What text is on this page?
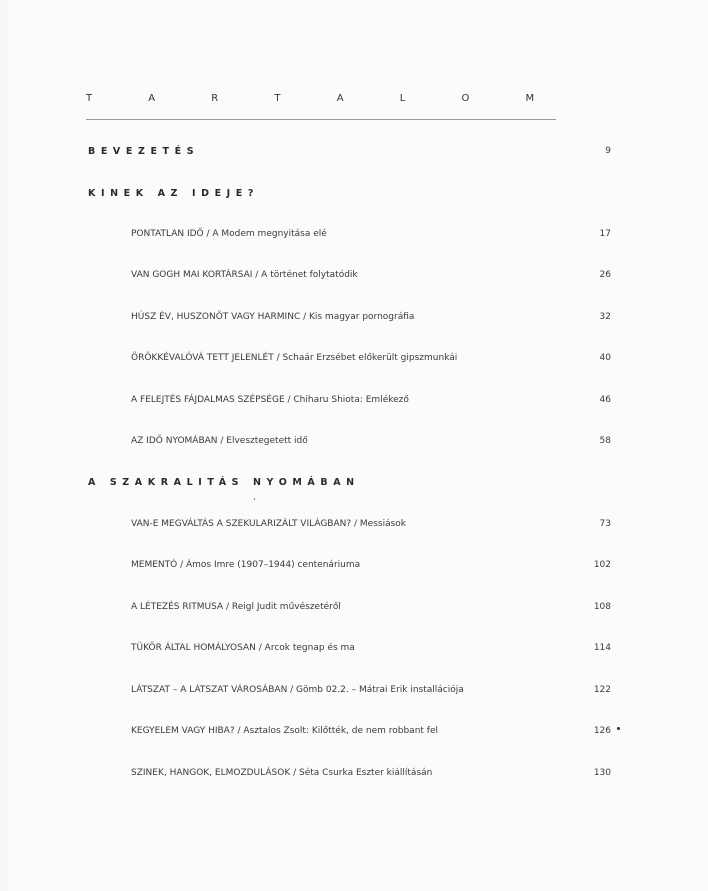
T A R T A L O M
BEVEZETÉS	9
KINEK AZ IDEJE?
PONTATLAN IDŐ / A Modem megnyitása elé	17
VAN GOGH MAI KORTÁRSAI / A történet folytatódik	26
HÚSZ ÉV, HUSZONÖT VAGY HARMINC / Kis magyar pornográfia	32
ÖRÖKKÉVALÓVÁ TETT JELENLÉT / Schaár Erzsébet előkerült gipszmunkái	40
A FELEJTÉS FÁJDALMAS SZÉPSÉGE / Chiharu Shiota: Emlékező	46
AZ IDŐ NYOMÁBAN / Elvesztegetett idő	58
A SZAKRALITÁS NYOMÁBAN
VAN-E MEGVÁLTÁS A SZEKULARIZÁLT VILÁGBAN? / Messiások	73
MEMENTÓ / Ámos Imre (1907–1944) centenáriuma	102
A LÉTEZÉS RITMUSA / Reigl Judit művészetéről	108
TÜKÖR ÁLTAL HOMÁLYOSAN / Arcok tegnap és ma	114
LÁTSZAT – A LÁTSZAT VÁROSÁBAN / Gömb 02.2. – Mátrai Erik installációja	122
KEGYELEM VAGY HIBA? / Asztalos Zsolt: Kilőtték, de nem robbant fel	126
SZINEK, HANGOK, ELMOZDULÁSOK / Séta Csurka Eszter kiállításán	130
